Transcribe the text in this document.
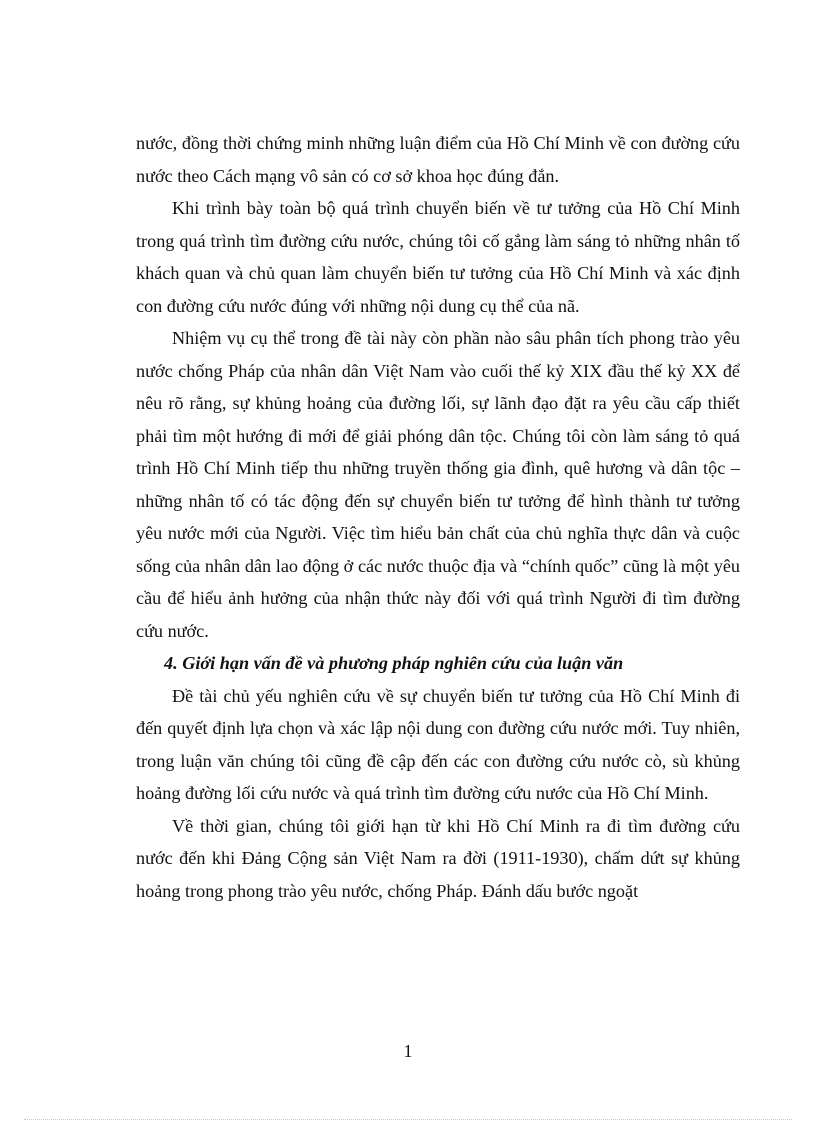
nước, đồng thời chứng minh những luận điểm của Hồ Chí Minh về con đường cứu nước theo Cách mạng vô sản có cơ sở khoa học đúng đắn.

Khi trình bày toàn bộ quá trình chuyển biến về tư tưởng của Hồ Chí Minh trong quá trình tìm đường cứu nước, chúng tôi cố gắng làm sáng tỏ những nhân tố khách quan và chủ quan làm chuyển biến tư tưởng của Hồ Chí Minh và xác định con đường cứu nước đúng với những nội dung cụ thể của nã.

Nhiệm vụ cụ thể trong đề tài này còn phần nào sâu phân tích phong trào yêu nước chống Pháp của nhân dân Việt Nam vào cuối thế kỷ XIX đầu thế kỷ XX để nêu rõ rằng, sự khủng hoảng của đường lối, sự lãnh đạo đặt ra yêu cầu cấp thiết phải tìm một hướng đi mới để giải phóng dân tộc. Chúng tôi còn làm sáng tỏ quá trình Hồ Chí Minh tiếp thu những truyền thống gia đình, quê hương và dân tộc – những nhân tố có tác động đến sự chuyển biến tư tưởng để hình thành tư tưởng yêu nước mới của Người. Việc tìm hiểu bản chất của chủ nghĩa thực dân và cuộc sống của nhân dân lao động ở các nước thuộc địa và “chính quốc” cũng là một yêu cầu để hiểu ảnh hưởng của nhận thức này đối với quá trình Người đi tìm đường cứu nước.

4. Giới hạn vấn đề và phương pháp nghiên cứu của luận văn

Đề tài chủ yếu nghiên cứu về sự chuyển biến tư tưởng của Hồ Chí Minh đi đến quyết định lựa chọn và xác lập nội dung con đường cứu nước mới. Tuy nhiên, trong luận văn chúng tôi cũng đề cập đến các con đường cứu nước cò, sù khủng hoảng đường lối cứu nước và quá trình tìm đường cứu nước của Hồ Chí Minh.

Về thời gian, chúng tôi giới hạn từ khi Hồ Chí Minh ra đi tìm đường cứu nước đến khi Đảng Cộng sản Việt Nam ra đời (1911-1930), chấm dứt sự khủng hoảng trong phong trào yêu nước, chống Pháp. Đánh dấu bước ngoặt

1
